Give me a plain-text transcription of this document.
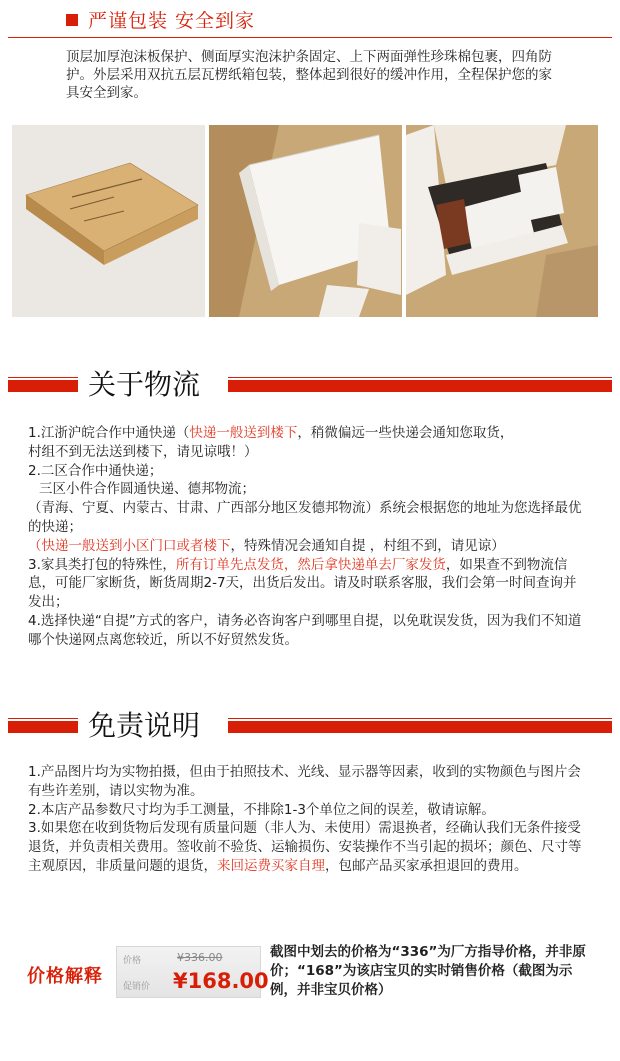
严谨包装 安全到家
顶层加厚泡沫板保护、侧面厚实泡沫护条固定、上下两面弹性珍珠棉包裹，四角防护。外层采用双抗五层瓦楞纸箱包装，整体起到很好的缓冲作用，全程保护您的家具安全到家。
关于物流	温馨提示

1.江浙沪皖合作中通快递（快递一般送到楼下，稍微偏远一些快递会通知您取货，

村组不到无法送到楼下，请见谅哦！）

2.二区合作中通快递；

三区小件合作圆通快递、德邦物流；

（青海、宁夏、内蒙古、甘肃、广西部分地区发德邦物流）系统会根据您的地址为您选择最优的快递；

（快递一般送到小区门口或者楼下，特殊情况会通知自提 ，村组不到，请见谅）

3.家具类打包的特殊性，所有订单先点发货，然后拿快递单去厂家发货，如果查不到物流信息，可能厂家断货，断货周期2-7天，出货后发出。请及时联系客服，我们会第一时间查询并发出；

4.选择快递“自提”方式的客户，请务必咨询客户到哪里自提，以免耽误发货，因为我们不知道哪个快递网点离您较近，所以不好贸然发货。

免责说明	好产品配好服务

1.产品图片均为实物拍摄，但由于拍照技术、光线、显示器等因素，收到的实物颜色与图片会有些许差别，请以实物为准。

2.本店产品参数尺寸均为手工测量，不排除1-3个单位之间的误差，敬请谅解。

3.如果您在收到货物后发现有质量问题（非人为、未使用）需退换者，经确认我们无条件接受退货，并负责相关费用。签收前不验货、运输损伤、安装操作不当引起的损坏；颜色、尺寸等主观原因，非质量问题的退货，来回运费买家自理，包邮产品买家承担退回的费用。

价格解释
价格	¥336.00
促销价 ¥168.00
截图中划去的价格为“336”为厂方指导价格，并非原价；“168”为该店宝贝的实时销售价格（截图为示例，并非宝贝价格）
